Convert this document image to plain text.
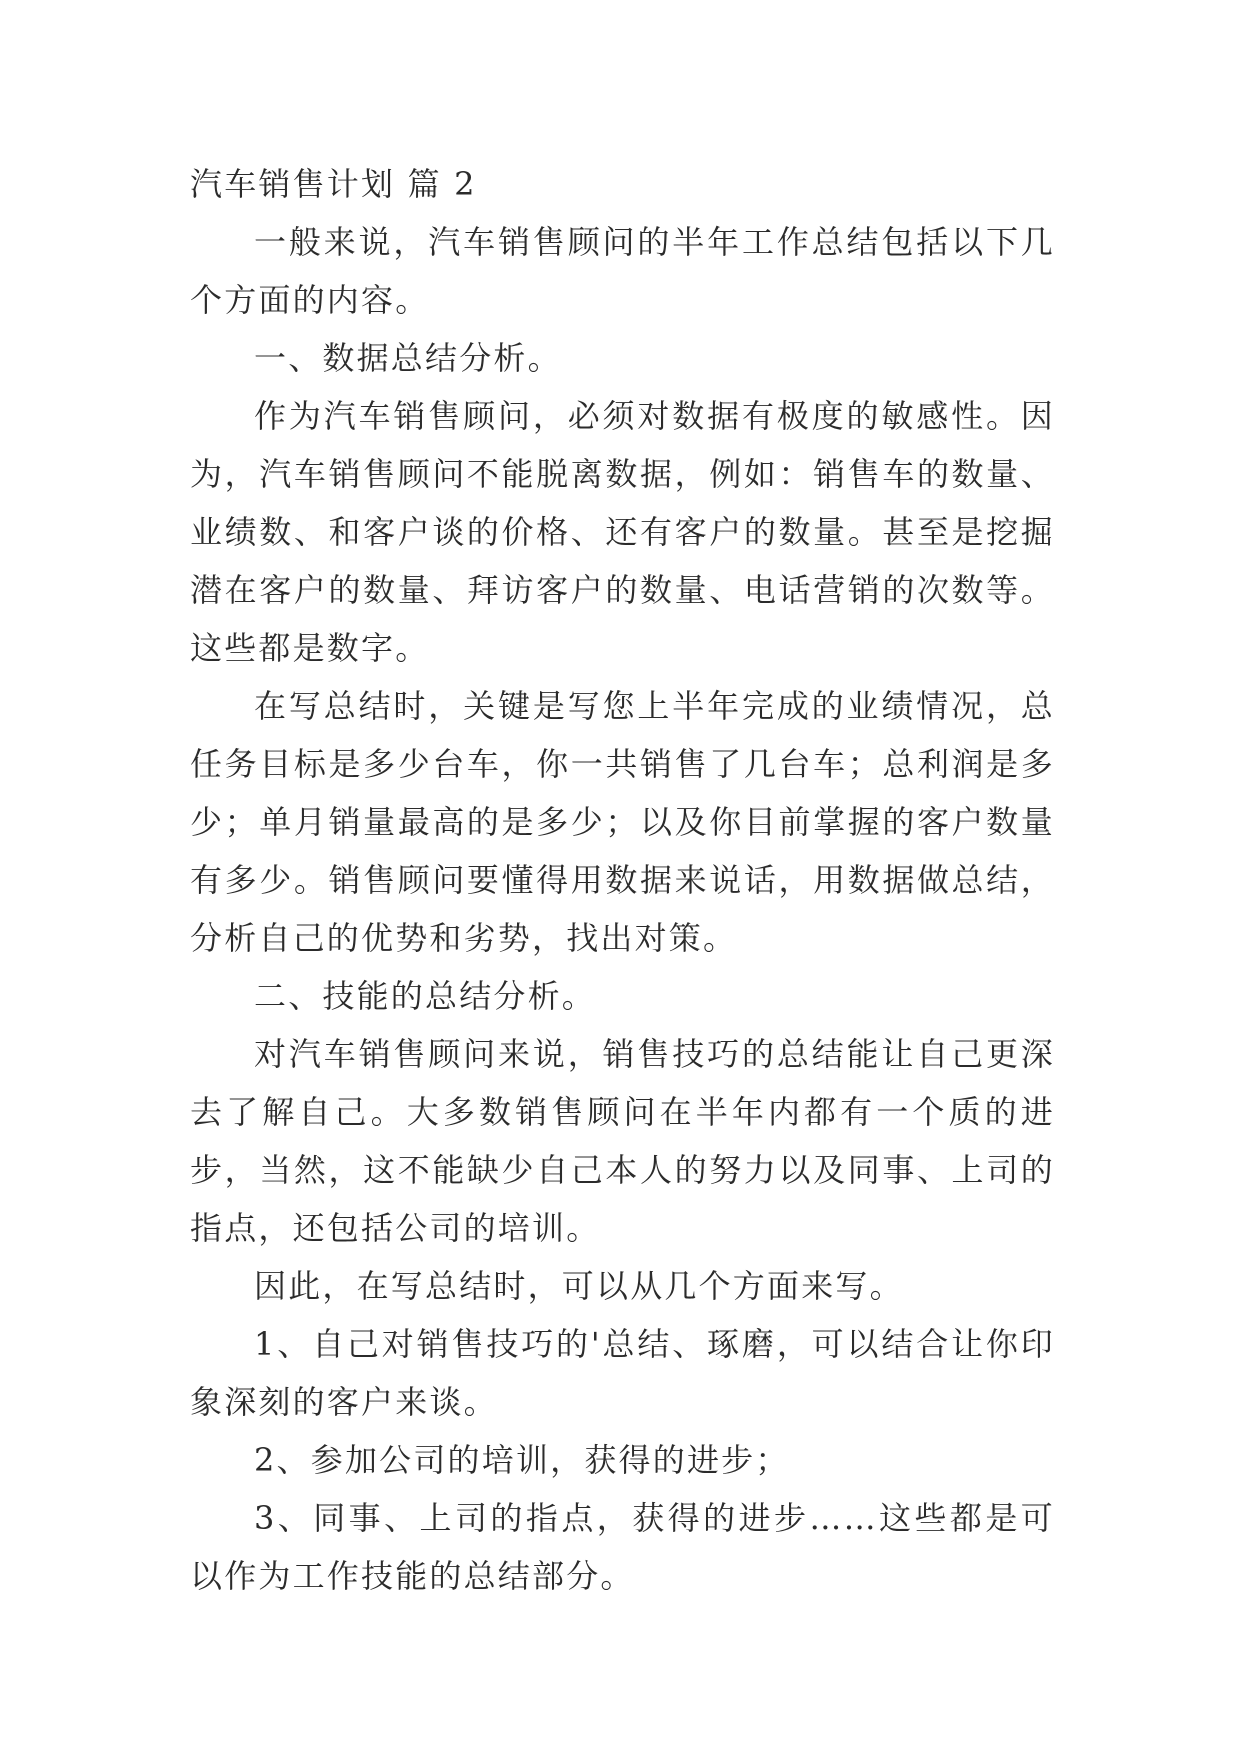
汽车销售计划 篇 2

一般来说，汽车销售顾问的半年工作总结包括以下几个方面的内容。

一、数据总结分析。

作为汽车销售顾问，必须对数据有极度的敏感性。因为，汽车销售顾问不能脱离数据，例如：销售车的数量、业绩数、和客户谈的价格、还有客户的数量。甚至是挖掘潜在客户的数量、拜访客户的数量、电话营销的次数等。这些都是数字。

在写总结时，关键是写您上半年完成的业绩情况，总任务目标是多少台车，你一共销售了几台车；总利润是多少；单月销量最高的是多少；以及你目前掌握的客户数量有多少。销售顾问要懂得用数据来说话，用数据做总结，分析自己的优势和劣势，找出对策。

二、技能的总结分析。

对汽车销售顾问来说，销售技巧的总结能让自己更深去了解自己。大多数销售顾问在半年内都有一个质的进步，当然，这不能缺少自己本人的努力以及同事、上司的指点，还包括公司的培训。

因此，在写总结时，可以从几个方面来写。

1、自己对销售技巧的'总结、琢磨，可以结合让你印象深刻的客户来谈。

2、参加公司的培训，获得的进步；

3、同事、上司的指点，获得的进步……这些都是可以作为工作技能的总结部分。
